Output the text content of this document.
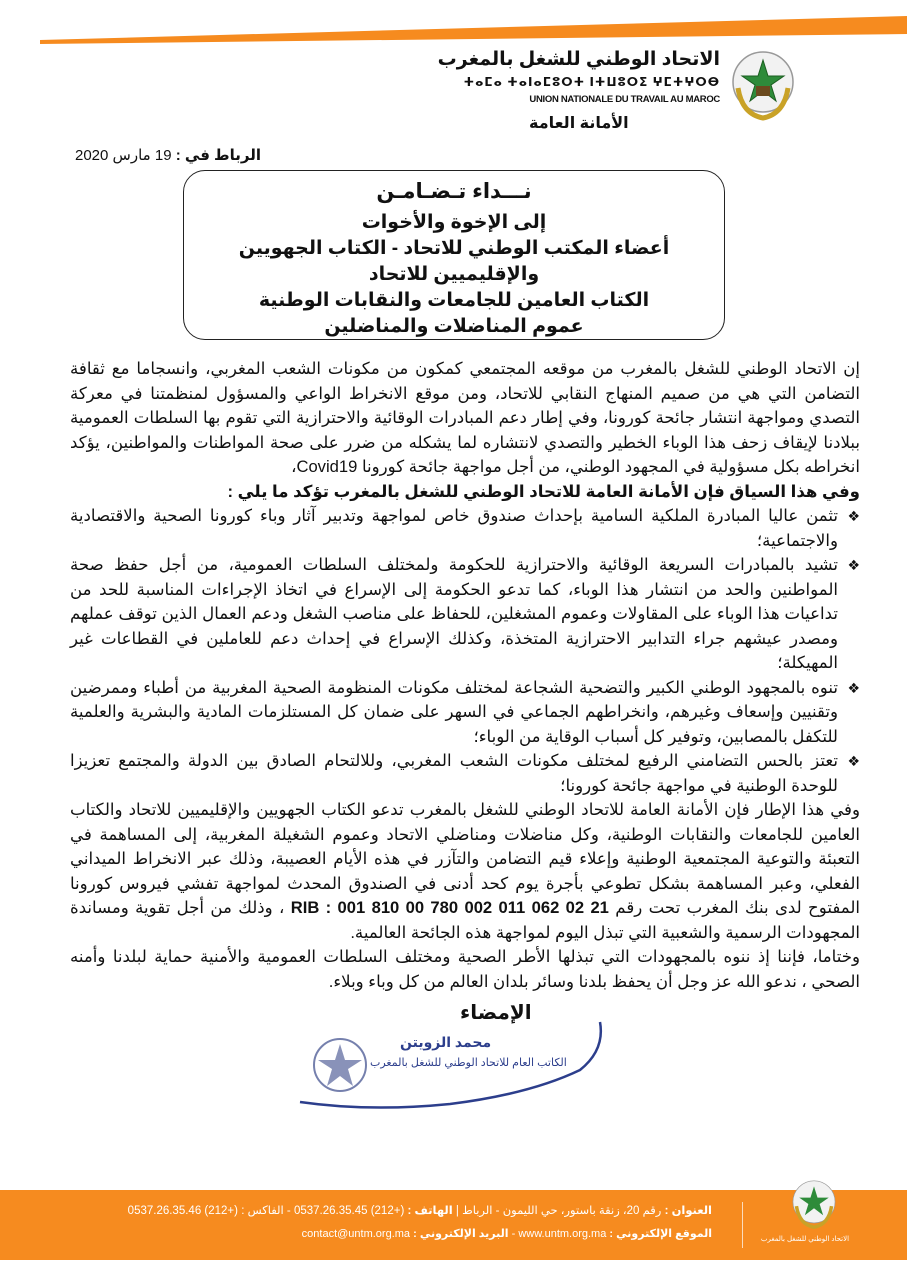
الاتحاد الوطني للشغل بالمغرب
ⵜⴰⵎⴰ ⵜⴰⵏⴰⵎⵓⵔⵜ ⵏⵜⵡⵓⵔⵉ ⵖⵎⵜⵖⵔⴱ
UNION NATIONALE DU TRAVAIL AU MAROC
الأمانة العامة
الرباط في : 19 مارس 2020
نـــداء تـضـامـن
إلى الإخوة والأخوات
أعضاء المكتب الوطني للاتحاد - الكتاب الجهويين والإقليميين للاتحاد
الكتاب العامين للجامعات والنقابات الوطنية
عموم المناضلات والمناضلين

إن الاتحاد الوطني للشغل بالمغرب من موقعه المجتمعي كمكون من مكونات الشعب المغربي، وانسجاما مع ثقافة التضامن التي هي من صميم المنهاج النقابي للاتحاد، ومن موقع الانخراط الواعي والمسؤول لمنظمتنا في معركة التصدي ومواجهة انتشار جائحة كورونا، وفي إطار دعم المبادرات الوقائية والاحترازية التي تقوم بها السلطات العمومية ببلادنا لإيقاف زحف هذا الوباء الخطير والتصدي لانتشاره لما يشكله من ضرر على صحة المواطنات والمواطنين، يؤكد انخراطه بكل مسؤولية في المجهود الوطني، من أجل مواجهة جائحة كورونا Covid19،

وفي هذا السياق فإن الأمانة العامة للاتحاد الوطني للشغل بالمغرب تؤكد ما يلي :

❖
تثمن عاليا المبادرة الملكية السامية بإحداث صندوق خاص لمواجهة وتدبير آثار وباء كورونا الصحية والاقتصادية والاجتماعية؛
❖
تشيد بالمبادرات السريعة الوقائية والاحترازية للحكومة ولمختلف السلطات العمومية، من أجل حفظ صحة المواطنين والحد من انتشار هذا الوباء، كما تدعو الحكومة إلى الإسراع في اتخاذ الإجراءات المناسبة للحد من تداعيات هذا الوباء على المقاولات وعموم المشغلين، للحفاظ على مناصب الشغل ودعم العمال الذين توقف عملهم ومصدر عيشهم جراء التدابير الاحترازية المتخذة، وكذلك الإسراع في إحداث دعم للعاملين في القطاعات غير المهيكلة؛
❖
تنوه بالمجهود الوطني الكبير والتضحية الشجاعة لمختلف مكونات المنظومة الصحية المغربية من أطباء وممرضين وتقنيين وإسعاف وغيرهم، وانخراطهم الجماعي في السهر على ضمان كل المستلزمات المادية والبشرية والعلمية للتكفل بالمصابين، وتوفير كل أسباب الوقاية من الوباء؛
❖
تعتز بالحس التضامني الرفيع لمختلف مكونات الشعب المغربي، وللالتحام الصادق بين الدولة والمجتمع تعزيزا للوحدة الوطنية في مواجهة جائحة كورونا؛

وفي هذا الإطار فإن الأمانة العامة للاتحاد الوطني للشغل بالمغرب تدعو الكتاب الجهويين والإقليميين للاتحاد والكتاب العامين للجامعات والنقابات الوطنية، وكل مناضلات ومناضلي الاتحاد وعموم الشغيلة المغربية، إلى المساهمة في التعبئة والتوعية المجتمعية الوطنية وإعلاء قيم التضامن والتآزر في هذه الأيام العصيبة، وذلك عبر الانخراط الميداني الفعلي، وعبر المساهمة بشكل تطوعي بأجرة يوم كحد أدنى في الصندوق المحدث لمواجهة تفشي فيروس كورونا المفتوح لدى بنك المغرب تحت رقم RIB : 001 810 00 780 002 011 062 02 21 ، وذلك من أجل تقوية ومساندة المجهودات الرسمية والشعبية التي تبذل اليوم لمواجهة هذه الجائحة العالمية.

وختاما، فإننا إذ ننوه بالمجهودات التي تبذلها الأطر الصحية ومختلف السلطات العمومية والأمنية حماية لبلدنا وأمنه الصحي ، ندعو الله عز وجل أن يحفظ بلدنا وسائر بلدان العالم من كل وباء وبلاء.

الإمضاء
محمد الزويتن
الكاتب العام للاتحاد الوطني للشغل بالمغرب
العنوان : رقم 20، زنقة باستور، حي الليمون - الرباط | الهاتف : 0537.26.35.45 (212+) - الفاكس : 0537.26.35.46 (212+)
الموقع الإلكتروني : www.untm.org.ma - البريد الإلكتروني : contact@untm.org.ma	الاتحاد الوطني للشغل بالمغرب
